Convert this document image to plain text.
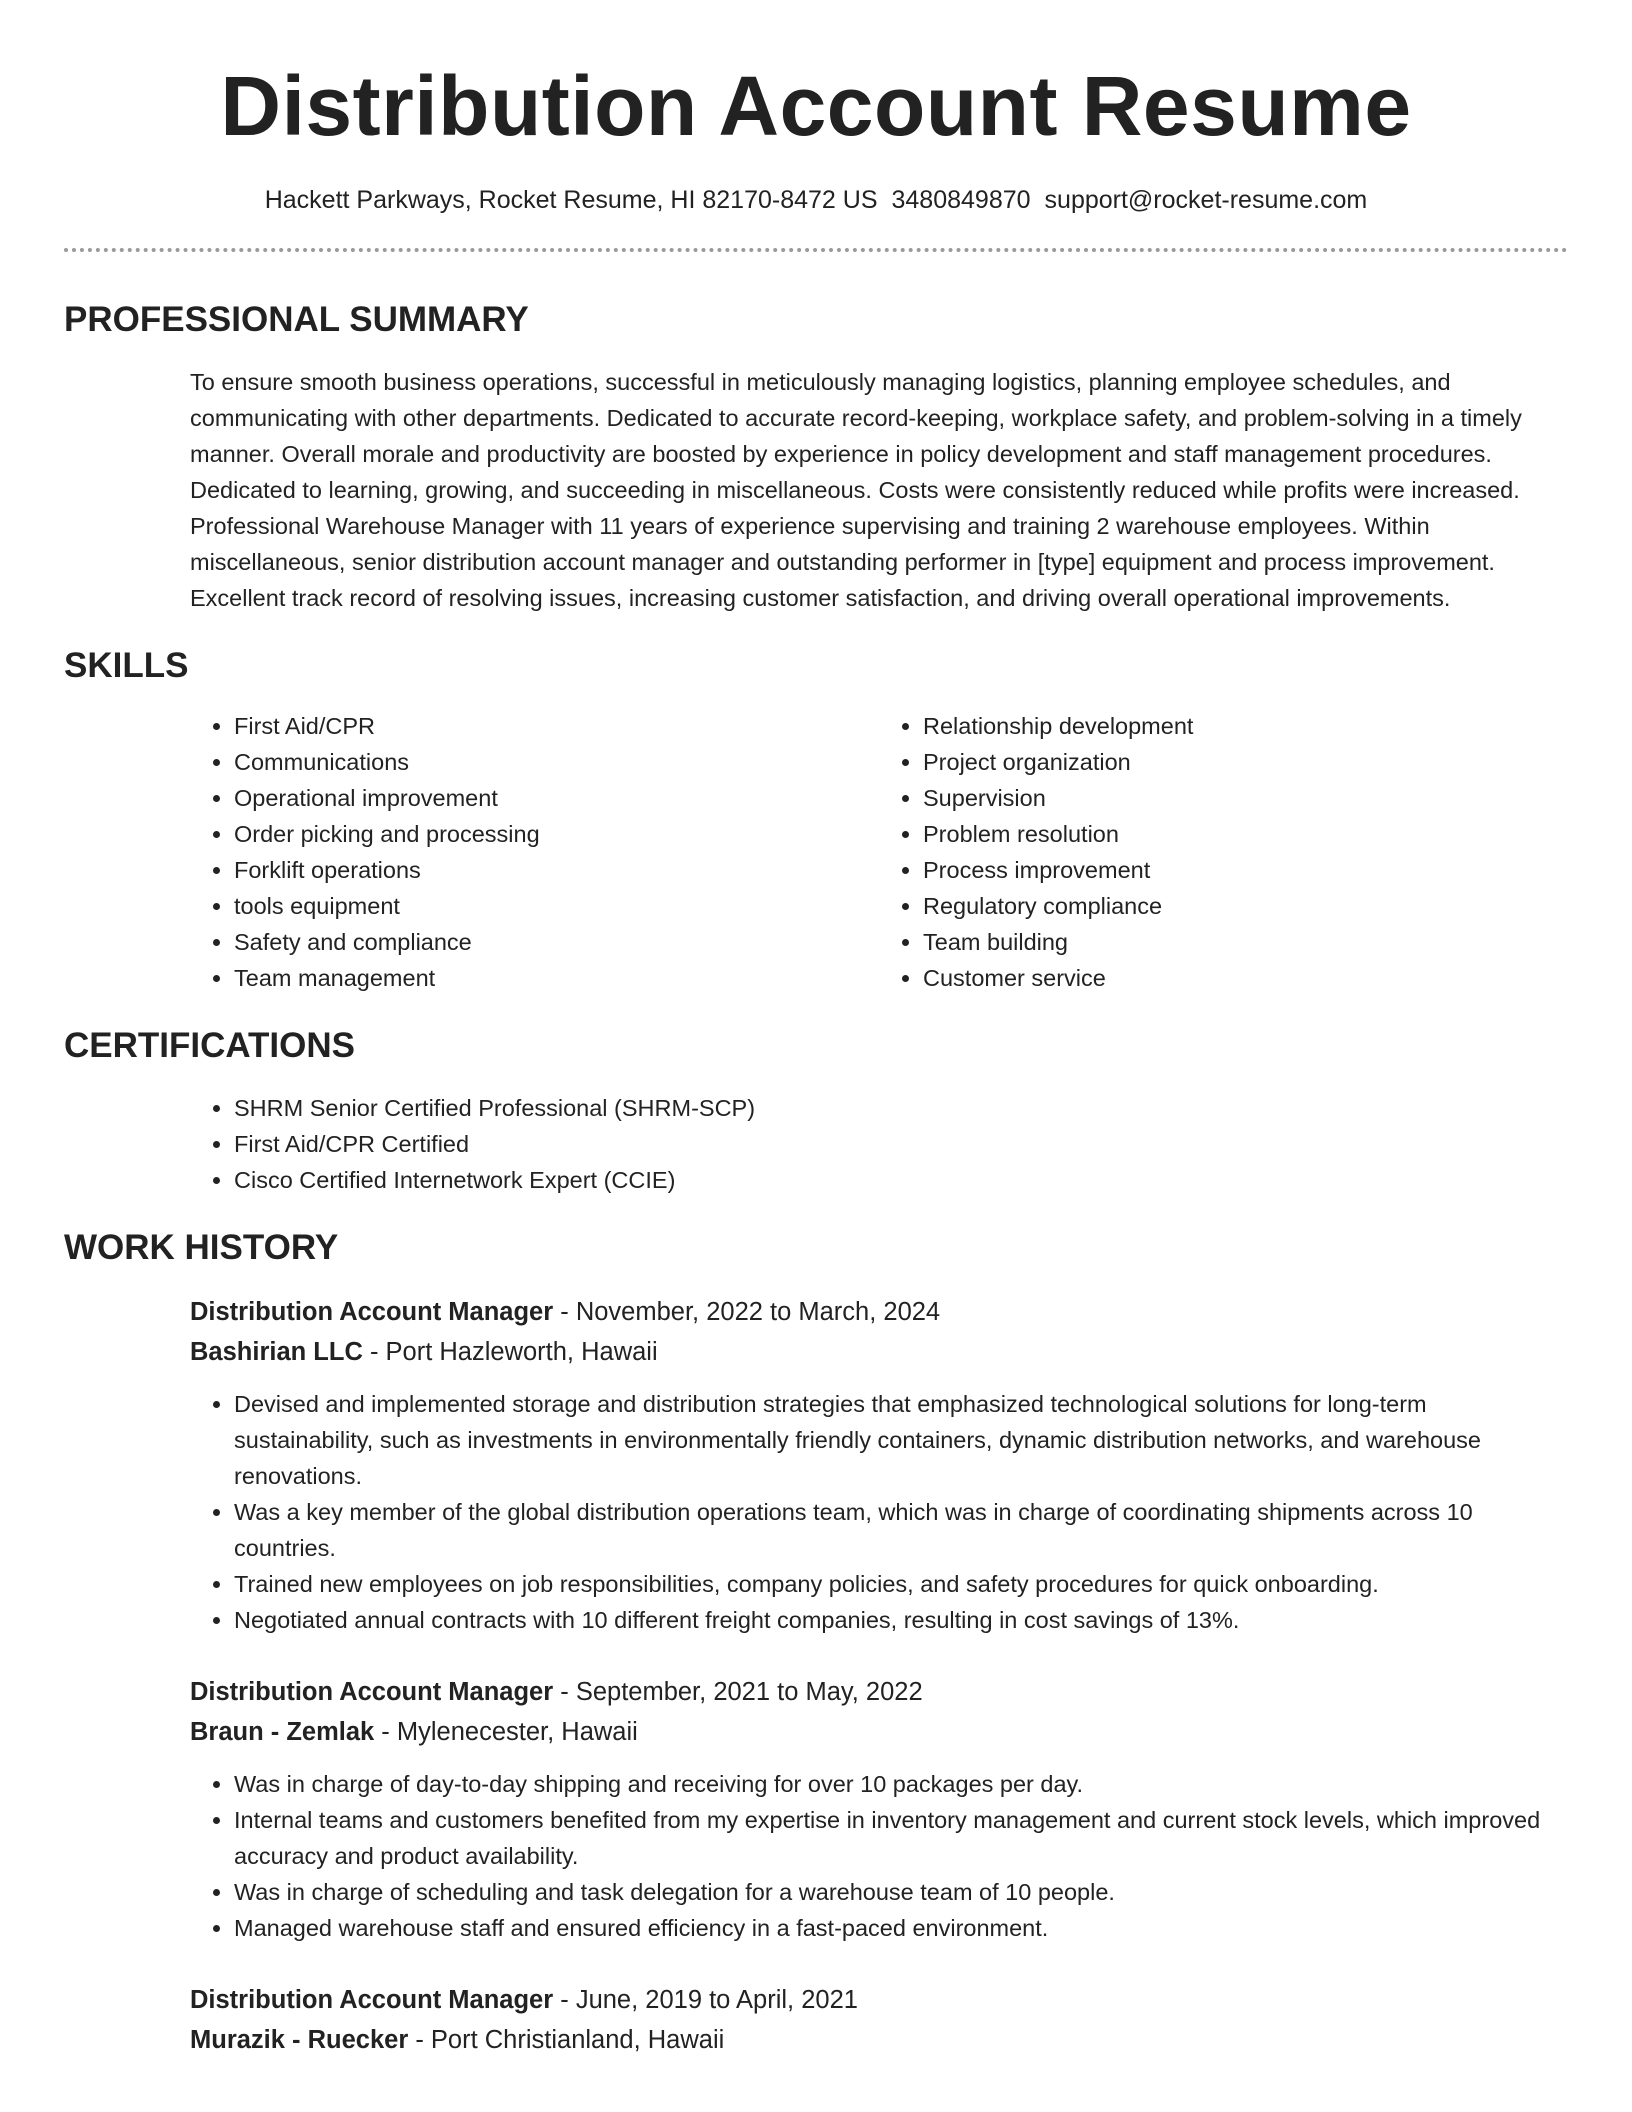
Distribution Account Resume
Hackett Parkways, Rocket Resume, HI 82170-8472 US 3480849870 support@rocket-resume.com
PROFESSIONAL SUMMARY

To ensure smooth business operations, successful in meticulously managing logistics, planning employee schedules, and communicating with other departments. Dedicated to accurate record-keeping, workplace safety, and problem-solving in a timely manner. Overall morale and productivity are boosted by experience in policy development and staff management procedures. Dedicated to learning, growing, and succeeding in miscellaneous. Costs were consistently reduced while profits were increased. Professional Warehouse Manager with 11 years of experience supervising and training 2 warehouse employees. Within miscellaneous, senior distribution account manager and outstanding performer in [type] equipment and process improvement. Excellent track record of resolving issues, increasing customer satisfaction, and driving overall operational improvements.

SKILLS
• First Aid/CPR
• Communications
• Operational improvement
• Order picking and processing
• Forklift operations
• tools equipment
• Safety and compliance
• Team management
• Relationship development
• Project organization
• Supervision
• Problem resolution
• Process improvement
• Regulatory compliance
• Team building
• Customer service
CERTIFICATIONS
• SHRM Senior Certified Professional (SHRM-SCP)
• First Aid/CPR Certified
• Cisco Certified Internetwork Expert (CCIE)
WORK HISTORY
Distribution Account Manager - November, 2022 to March, 2024
Bashirian LLC - Port Hazleworth, Hawaii
• Devised and implemented storage and distribution strategies that emphasized technological solutions for long-term sustainability, such as investments in environmentally friendly containers, dynamic distribution networks, and warehouse renovations.
• Was a key member of the global distribution operations team, which was in charge of coordinating shipments across 10 countries.
• Trained new employees on job responsibilities, company policies, and safety procedures for quick onboarding.
• Negotiated annual contracts with 10 different freight companies, resulting in cost savings of 13%.
Distribution Account Manager - September, 2021 to May, 2022
Braun - Zemlak - Mylenecester, Hawaii
• Was in charge of day-to-day shipping and receiving for over 10 packages per day.
• Internal teams and customers benefited from my expertise in inventory management and current stock levels, which improved accuracy and product availability.
• Was in charge of scheduling and task delegation for a warehouse team of 10 people.
• Managed warehouse staff and ensured efficiency in a fast-paced environment.
Distribution Account Manager - June, 2019 to April, 2021
Murazik - Ruecker - Port Christianland, Hawaii
